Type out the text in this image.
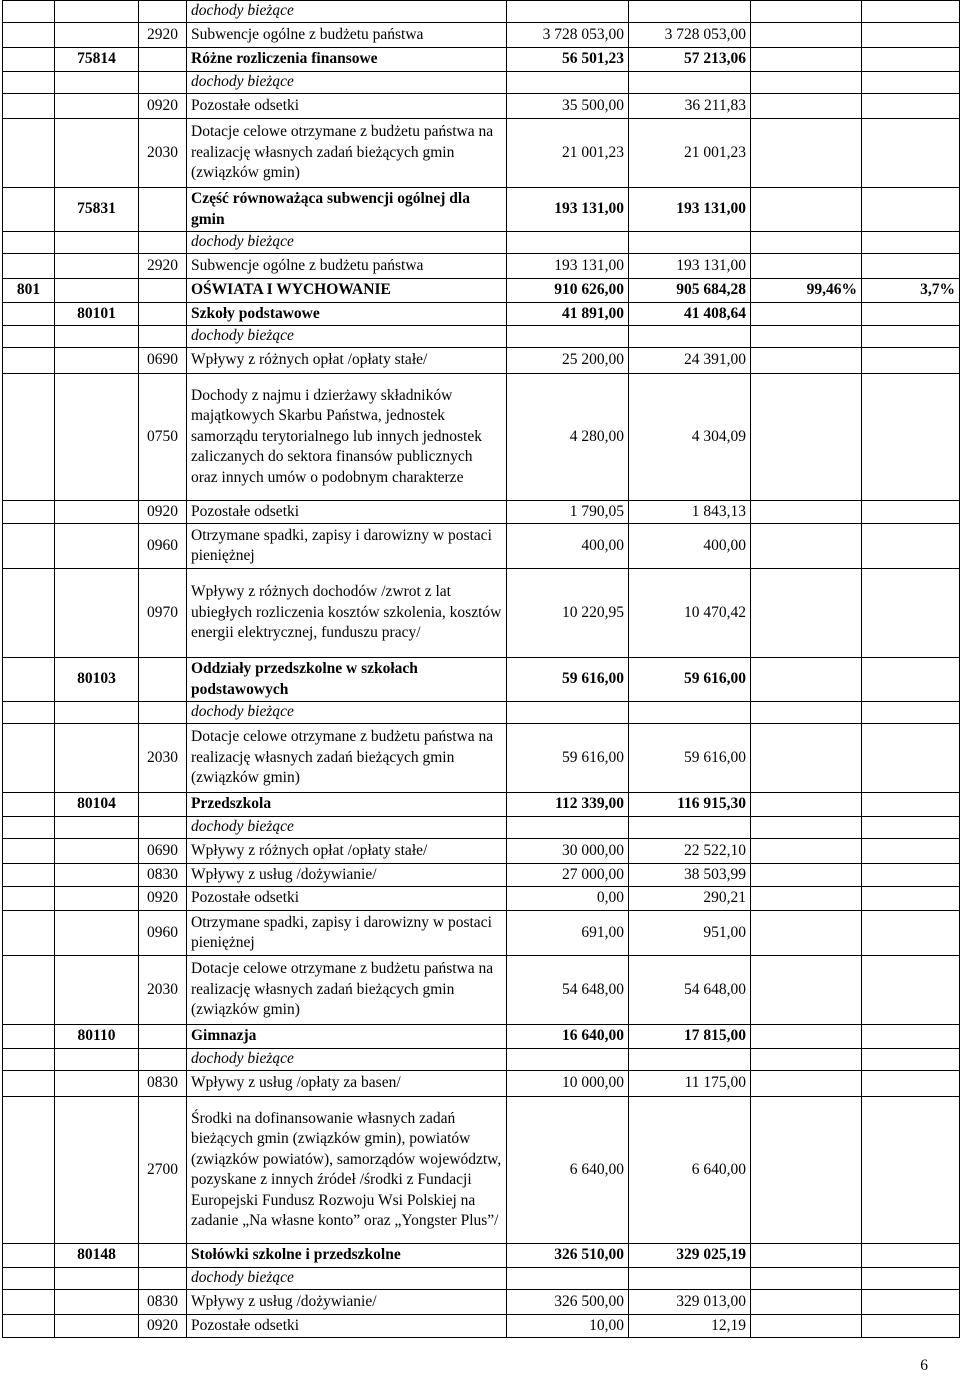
			dochody bieżące				
		2920	Subwencje ogólne z budżetu państwa	3 728 053,00	3 728 053,00		
	75814		Różne rozliczenia finansowe	56 501,23	57 213,06		
			dochody bieżące				
		0920	Pozostałe odsetki	35 500,00	36 211,83		
		2030	Dotacje celowe otrzymane z budżetu państwa na realizację własnych zadań bieżących gmin (związków gmin)	21 001,23	21 001,23		
	75831		Część równoważąca subwencji ogólnej dla gmin	193 131,00	193 131,00		
			dochody bieżące				
		2920	Subwencje ogólne z budżetu państwa	193 131,00	193 131,00		
801			OŚWIATA I WYCHOWANIE	910 626,00	905 684,28	99,46%	3,7%
	80101		Szkoły podstawowe	41 891,00	41 408,64		
			dochody bieżące				
		0690	Wpływy z różnych opłat /opłaty stałe/	25 200,00	24 391,00		
		0750	Dochody z najmu i dzierżawy składników majątkowych Skarbu Państwa, jednostek samorządu terytorialnego lub innych jednostek zaliczanych do sektora finansów publicznych oraz innych umów o podobnym charakterze	4 280,00	4 304,09		
		0920	Pozostałe odsetki	1 790,05	1 843,13		
		0960	Otrzymane spadki, zapisy i darowizny w postaci pieniężnej	400,00	400,00		
		0970	Wpływy z różnych dochodów /zwrot z lat ubiegłych rozliczenia kosztów szkolenia, kosztów energii elektrycznej, funduszu pracy/	10 220,95	10 470,42		
	80103		Oddziały przedszkolne w szkołach podstawowych	59 616,00	59 616,00		
			dochody bieżące				
		2030	Dotacje celowe otrzymane z budżetu państwa na realizację własnych zadań bieżących gmin (związków gmin)	59 616,00	59 616,00		
	80104		Przedszkola	112 339,00	116 915,30		
			dochody bieżące				
		0690	Wpływy z różnych opłat /opłaty stałe/	30 000,00	22 522,10		
		0830	Wpływy z usług /dożywianie/	27 000,00	38 503,99		
		0920	Pozostałe odsetki	0,00	290,21		
		0960	Otrzymane spadki, zapisy i darowizny w postaci pieniężnej	691,00	951,00		
		2030	Dotacje celowe otrzymane z budżetu państwa na realizację własnych zadań bieżących gmin (związków gmin)	54 648,00	54 648,00		
	80110		Gimnazja	16 640,00	17 815,00		
			dochody bieżące				
		0830	Wpływy z usług /opłaty za basen/	10 000,00	11 175,00		
		2700	Środki na dofinansowanie własnych zadań bieżących gmin (związków gmin), powiatów (związków powiatów), samorządów województw, pozyskane z innych źródeł /środki z Fundacji Europejski Fundusz Rozwoju Wsi Polskiej na zadanie „Na własne konto” oraz „Yongster Plus”/	6 640,00	6 640,00		
	80148		Stołówki szkolne i przedszkolne	326 510,00	329 025,19		
			dochody bieżące				
		0830	Wpływy z usług /dożywianie/	326 500,00	329 013,00		
		0920	Pozostałe odsetki	10,00	12,19		
6
